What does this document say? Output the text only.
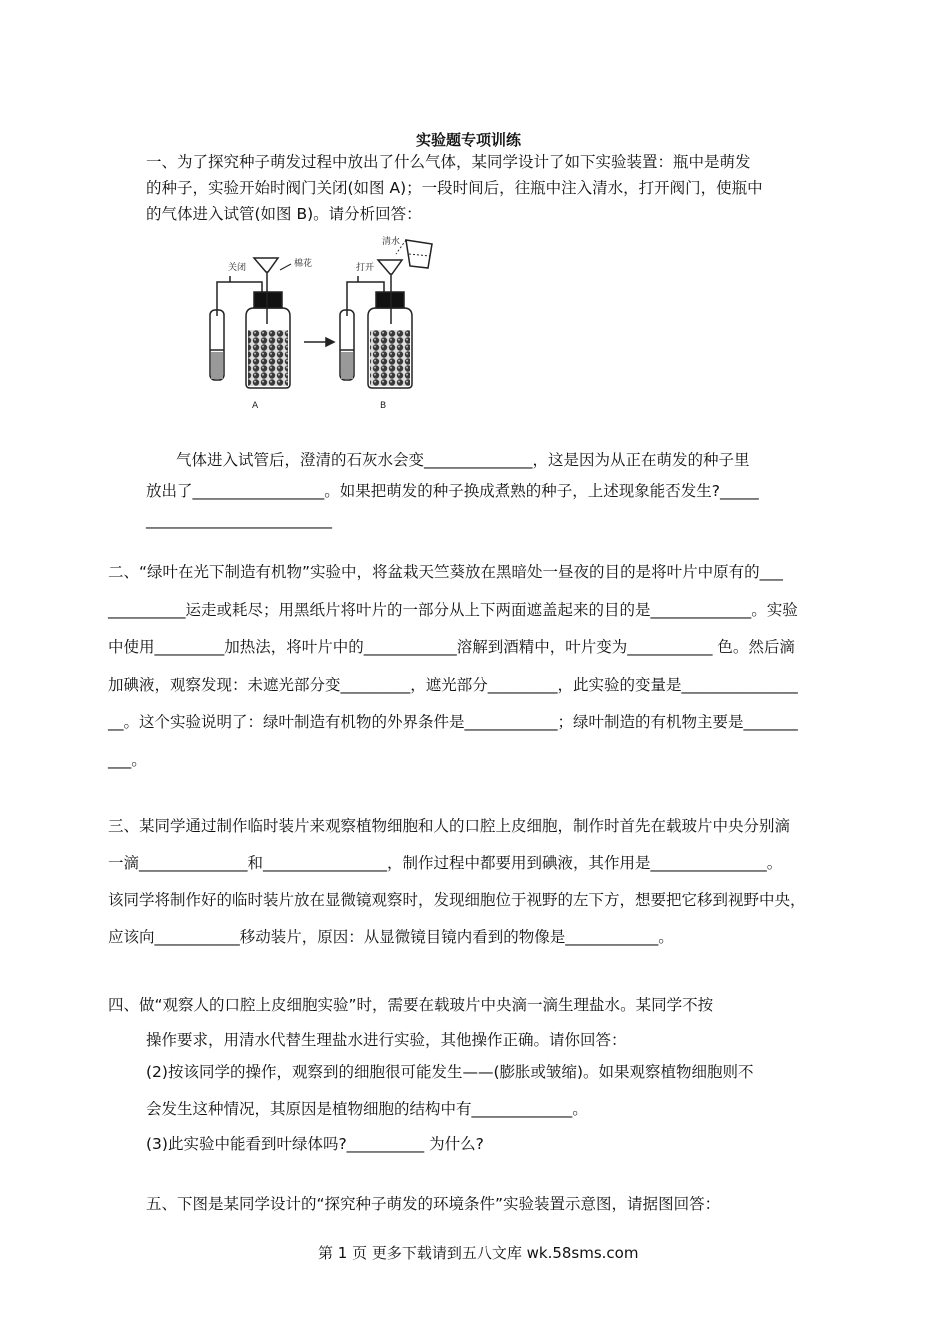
实验题专项训练
一、为了探究种子萌发过程中放出了什么气体，某同学设计了如下实验装置：瓶中是萌发
的种子，实验开始时阀门关闭(如图 A)；一段时间后，往瓶中注入清水，打开阀门，使瓶中
的气体进入试管(如图 B)。请分析回答：
关闭	棉花	打开
清水
A	B
气体进入试管后，澄清的石灰水会变______________，这是因为从正在萌发的种子里
放出了_________________。如果把萌发的种子换成煮熟的种子，上述现象能否发生?_____
________________________
二、“绿叶在光下制造有机物”实验中，将盆栽天竺葵放在黑暗处一昼夜的目的是将叶片中原有的___
__________运走或耗尽；用黑纸片将叶片的一部分从上下两面遮盖起来的目的是_____________。实验
中使用_________加热法，将叶片中的____________溶解到酒精中，叶片变为___________ 色。然后滴
加碘液，观察发现：未遮光部分变_________，遮光部分_________，此实验的变量是_______________
__。这个实验说明了：绿叶制造有机物的外界条件是____________；绿叶制造的有机物主要是_______
___。
三、某同学通过制作临时装片来观察植物细胞和人的口腔上皮细胞，制作时首先在载玻片中央分别滴
一滴______________和________________，制作过程中都要用到碘液，其作用是_______________。
该同学将制作好的临时装片放在显微镜观察时，发现细胞位于视野的左下方，想要把它移到视野中央，
应该向___________移动装片，原因：从显微镜目镜内看到的物像是____________。
四、做“观察人的口腔上皮细胞实验”时，需要在载玻片中央滴一滴生理盐水。某同学不按
操作要求，用清水代替生理盐水进行实验，其他操作正确。请你回答：
(2)按该同学的操作，观察到的细胞很可能发生——(膨胀或皱缩)。如果观察植物细胞则不
会发生这种情况，其原因是植物细胞的结构中有_____________。
(3)此实验中能看到叶绿体吗?__________ 为什么?
五、下图是某同学设计的“探究种子萌发的环境条件”实验装置示意图，请据图回答：
第 1 页 更多下载请到五八文库 wk.58sms.com
